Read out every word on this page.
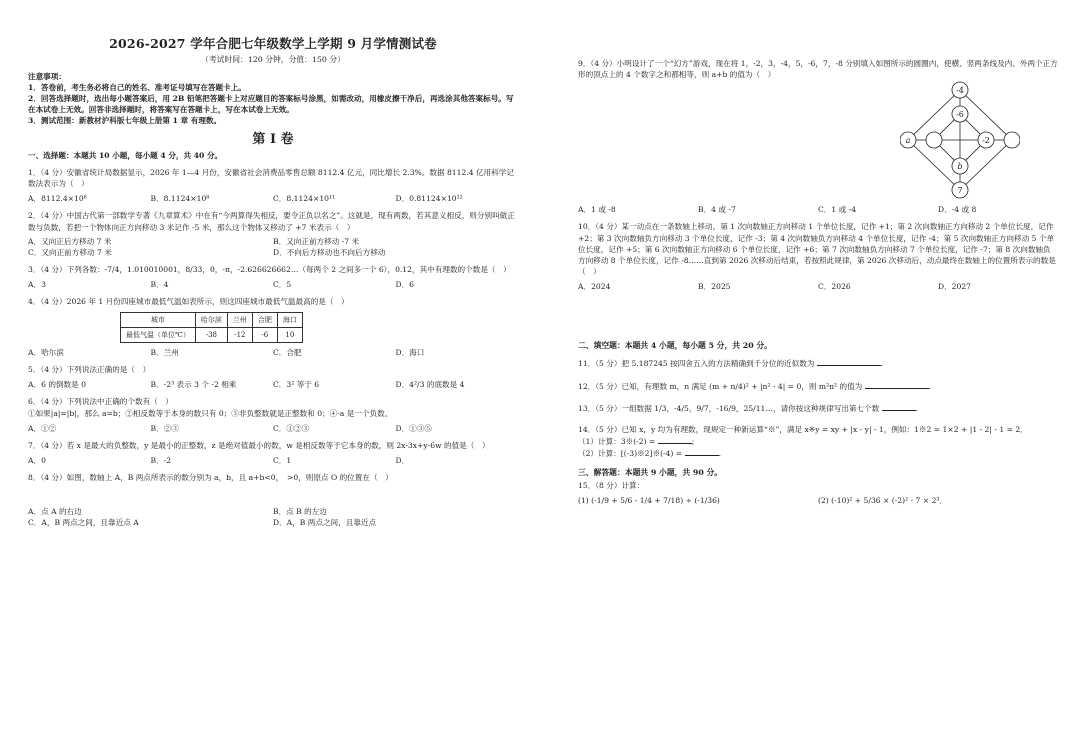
2026-2027 学年合肥七年级数学上学期 9 月学情测试卷
（考试时间：120 分钟，分值：150 分）
注意事项：
1．答卷前，考生务必将自己的姓名、准考证号填写在答题卡上。
2．回答选择题时，选出每小题答案后，用 2B 铅笔把答题卡上对应题目的答案标号涂黑，如需改动，用橡皮擦干净后，再选涂其他答案标号。写在本试卷上无效。回答非选择题时，将答案写在答题卡上，写在本试卷上无效。
3．测试范围：新教材沪科版七年级上册第 1 章 有理数。
第 Ⅰ 卷
一、选择题：本题共 10 小题，每小题 4 分，共 40 分。
1．（4 分）安徽省统计局数据显示，2026 年 1—4 月份，安徽省社会消费品零售总额 8112.4 亿元，同比增长 2.3%。数据 8112.4 亿用科学记数法表示为（　）
A．8112.4×10⁸	B．8.1124×10⁸	C．8.1124×10¹¹	D．0.81124×10¹²
2．（4 分）中国古代第一部数学专著《九章算术》中在有“今两算得失相反，要令正负以名之”。这就是，现有两数，若其意义相反，则分别叫做正数与负数，若把一个物体向正方向移动 3 米记作 -5 米，那么这个物体又移动了 +7 米表示（　）
A．又向正后方移动 7 米	B．又向正前方移动 -7 米
C．又向正前方移动 7 米	D．不向后方移动也不向后方移动
3．（4 分）下列各数：-7/4，1.010010001，8/33，0，-π，-2.626626662…（每两个 2 之间多一个 6），0.12，其中有理数的个数是（　）
A．3	B．4	C．5	D．6
4．（4 分）2026 年 1 月份四座城市最低气温如表所示，则这四座城市最低气温最高的是（　）
城市	哈尔滨	兰州	合肥	海口
最低气温（单位℃）	-38	-12	-6	10
A．哈尔滨	B．兰州	C．合肥	D．海口
5．（4 分）下列说法正确的是（　）
A．6 的倒数是 0	B．-2³ 表示 3 个 -2 相乘	C．3² 等于 6	D．4²/3 的底数是 4
6．（4 分）下列说法中正确的个数有（　）
①如果|a|=|b|，那么 a=b；②相反数等于本身的数只有 0；③非负整数就是正整数和 0；④-a 是一个负数。
A．①②	B．②③	C．①②③	D．①③⑤
7．（4 分）若 x 是最大的负整数，y 是最小的正整数，z 是绝对值最小的数，w 是相反数等于它本身的数，则 2x-3x+y-6w 的值是（　）
A．0	B．-2	C．1	D．
8．（4 分）如图，数轴上 A，B 两点所表示的数分别为 a，b，且 a+b<0，　>0，则原点 O 的位置在（　）
A．点 A 的右边	B．点 B 的左边
C．A，B 两点之间，且靠近点 A	D．A，B 两点之间，且靠近点
9．（4 分）小明设计了一个“幻方”游戏，现在将 1，-2，3，-4，5，-6，7，-8 分别填入如图所示的圆圈内，使横、竖两条线及内、外两个正方形的顶点上的 4 个数字之和都相等，则 a+b 的值为（　）
-4
-6
a	-2
b
7
A．1 或 -8	B．4 或 -7	C．1 或 -4	D．-4 或 8
10．（4 分）某一动点在一条数轴上移动，第 1 次向数轴正方向移动 1 个单位长度，记作 +1；第 2 次向数轴正方向移动 2 个单位长度，记作 +2；第 3 次向数轴负方向移动 3 个单位长度，记作 -3；第 4 次向数轴负方向移动 4 个单位长度，记作 -4；第 5 次向数轴正方向移动 5 个单位长度，记作 +5；第 6 次向数轴正方向移动 6 个单位长度，记作 +6；第 7 次向数轴负方向移动 7 个单位长度，记作 -7；第 8 次向数轴负方向移动 8 个单位长度，记作 -8……直到第 2026 次移动后结束，若按照此规律，第 2026 次移动后，动点最终在数轴上的位置所表示的数是（　）
A．2024	B．2025	C．2026	D．2027
二、填空题：本题共 4 小题，每小题 5 分，共 20 分。
11．（5 分）把 5.187245 按四舍五入的方法精确到千分位的近似数为	.
12．（5 分）已知，有理数 m，n 满足 (m + n/4)² + |n² - 4| = 0，则 m²n² 的值为	.
13．（5 分）一组数据 1/3，-4/5，9/7，-16/9，25/11…，请你按这种规律写出第七个数	.
14．（5 分）已知 x，y 均为有理数，现规定一种新运算“※”，满足 x※y = xy + |x - y| - 1，例如：1※2 = 1×2 + |1 - 2| - 1 = 2．
（1）计算：3※(-2) =	;
（2）计算：[(-3)※2]※(-4) =	.
三、解答题：本题共 9 小题，共 90 分。
15．（8 分）计算：
(1) (-1/9 + 5/6 - 1/4 + 7/18) ÷ (-1/36)	(2) (-10)² + 5/36 × (-2)² - 7 × 2³．
